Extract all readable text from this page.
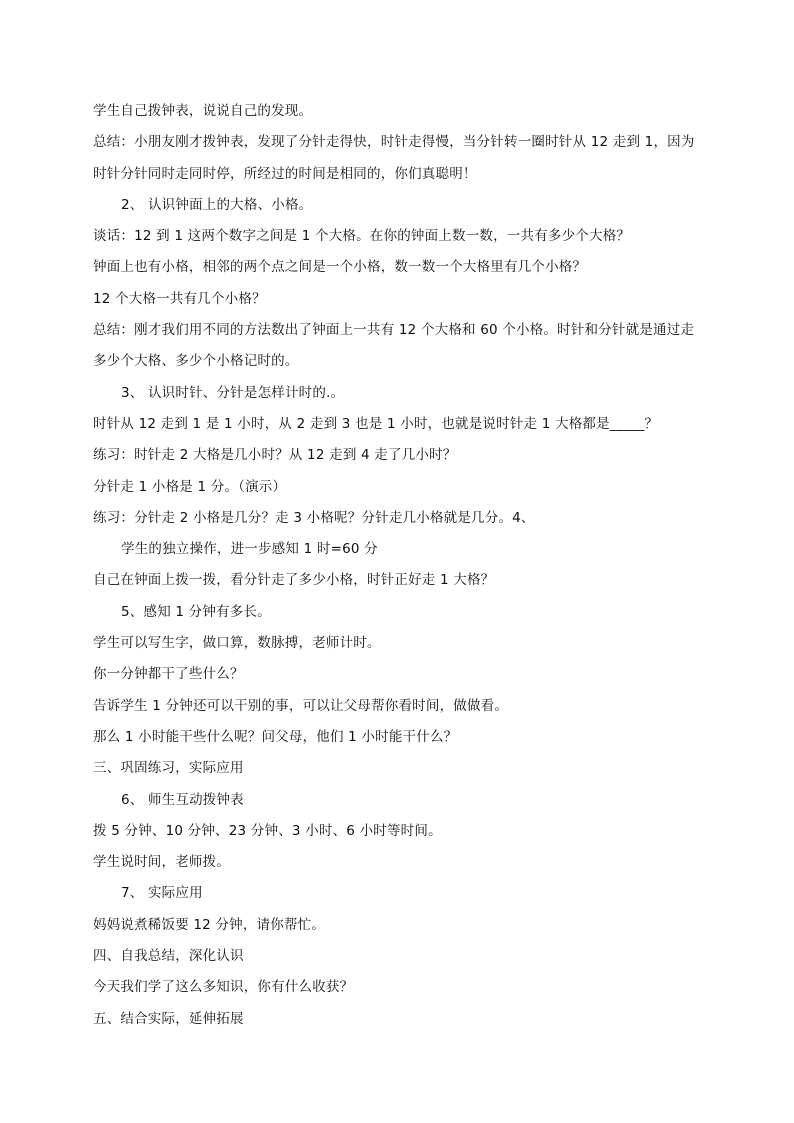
学生自己拨钟表，说说自己的发现。
总结：小朋友刚才拨钟表，发现了分针走得快，时针走得慢，当分针转一圈时针从 12 走到 1，因为
时针分针同时走同时停，所经过的时间是相同的，你们真聪明！
2、 认识钟面上的大格、小格。
谈话：12 到 1 这两个数字之间是 1 个大格。在你的钟面上数一数，一共有多少个大格？
钟面上也有小格，相邻的两个点之间是一个小格，数一数一个大格里有几个小格？
12 个大格一共有几个小格？
总结：刚才我们用不同的方法数出了钟面上一共有 12 个大格和 60 个小格。时针和分针就是通过走
多少个大格、多少个小格记时的。
3、 认识时针、分针是怎样计时的.。
时针从 12 走到 1 是 1 小时，从 2 走到 3 也是 1 小时，也就是说时针走 1 大格都是_____？
练习：时针走 2 大格是几小时？从 12 走到 4 走了几小时？
分针走 1 小格是 1 分。（演示）
练习：分针走 2 小格是几分？走 3 小格呢？分针走几小格就是几分。4、
学生的独立操作，进一步感知 1 时=60 分
自己在钟面上拨一拨，看分针走了多少小格，时针正好走 1 大格？
5、感知 1 分钟有多长。
学生可以写生字，做口算，数脉搏，老师计时。
你一分钟都干了些什么？
告诉学生 1 分钟还可以干别的事，可以让父母帮你看时间，做做看。
那么 1 小时能干些什么呢？问父母，他们 1 小时能干什么？
三、巩固练习，实际应用
6、 师生互动拨钟表
拨 5 分钟、10 分钟、23 分钟、3 小时、6 小时等时间。
学生说时间，老师拨。
7、 实际应用
妈妈说煮稀饭要 12 分钟，请你帮忙。
四、自我总结，深化认识
今天我们学了这么多知识，你有什么收获？
五、结合实际，延伸拓展
